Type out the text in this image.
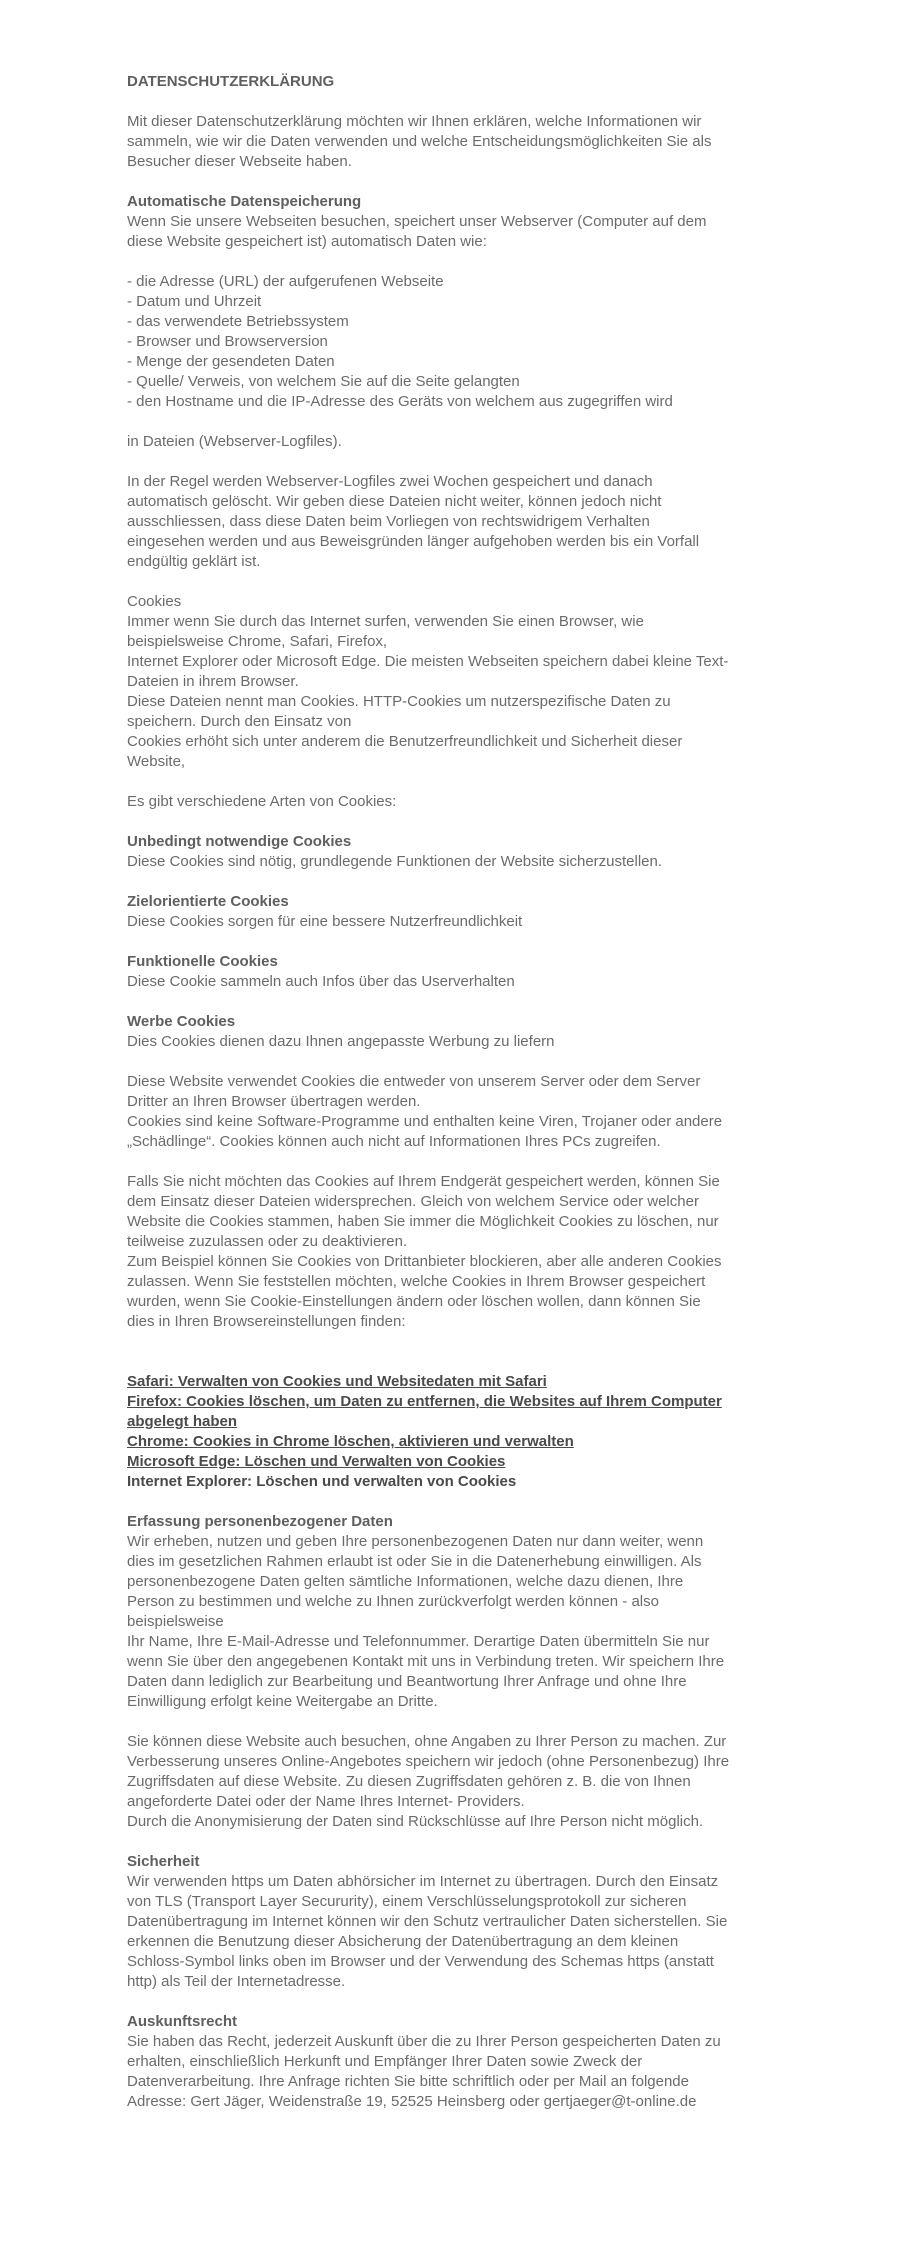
DATENSCHUTZERKLÄRUNG

Mit dieser Datenschutzerklärung möchten wir Ihnen erklären, welche Informationen wir
sammeln, wie wir die Daten verwenden und welche Entscheidungsmöglichkeiten Sie als
Besucher dieser Webseite haben.

Automatische Datenspeicherung
Wenn Sie unsere Webseiten besuchen, speichert unser Webserver (Computer auf dem
diese Website gespeichert ist) automatisch Daten wie:
- die Adresse (URL) der aufgerufenen Webseite
- Datum und Uhrzeit
- das verwendete Betriebssystem
- Browser und Browserversion
- Menge der gesendeten Daten
- Quelle/ Verweis, von welchem Sie auf die Seite gelangten
- den Hostname und die IP-Adresse des Geräts von welchem aus zugegriffen wird
in Dateien (Webserver-Logfiles).
In der Regel werden Webserver-Logfiles zwei Wochen gespeichert und danach
automatisch gelöscht. Wir geben diese Dateien nicht weiter, können jedoch nicht
ausschliessen, dass diese Daten beim Vorliegen von rechtswidrigem Verhalten
eingesehen werden und aus Beweisgründen länger aufgehoben werden bis ein Vorfall
endgültig geklärt ist.
Cookies
Immer wenn Sie durch das Internet surfen, verwenden Sie einen Browser, wie
beispielsweise Chrome, Safari, Firefox,
Internet Explorer oder Microsoft Edge. Die meisten Webseiten speichern dabei kleine Text-
Dateien in ihrem Browser.
Diese Dateien nennt man Cookies. HTTP-Cookies um nutzerspezifische Daten zu
speichern. Durch den Einsatz von
Cookies erhöht sich unter anderem die Benutzerfreundlichkeit und Sicherheit dieser
Website,
Es gibt verschiedene Arten von Cookies:
Unbedingt notwendige Cookies
Diese Cookies sind nötig, grundlegende Funktionen der Website sicherzustellen.
Zielorientierte Cookies
Diese Cookies sorgen für eine bessere Nutzerfreundlichkeit
Funktionelle Cookies
Diese Cookie sammeln auch Infos über das Userverhalten
Werbe Cookies
Dies Cookies dienen dazu Ihnen angepasste Werbung zu liefern
Diese Website verwendet Cookies die entweder von unserem Server oder dem Server
Dritter an Ihren Browser übertragen werden.
Cookies sind keine Software-Programme und enthalten keine Viren, Trojaner oder andere
„Schädlinge“. Cookies können auch nicht auf Informationen Ihres PCs zugreifen.
Falls Sie nicht möchten das Cookies auf Ihrem Endgerät gespeichert werden, können Sie
dem Einsatz dieser Dateien widersprechen. Gleich von welchem Service oder welcher
Website die Cookies stammen, haben Sie immer die Möglichkeit Cookies zu löschen, nur
teilweise zuzulassen oder zu deaktivieren.
Zum Beispiel können Sie Cookies von Drittanbieter blockieren, aber alle anderen Cookies
zulassen. Wenn Sie feststellen möchten, welche Cookies in Ihrem Browser gespeichert
wurden, wenn Sie Cookie-Einstellungen ändern oder löschen wollen, dann können Sie
dies in Ihren Browsereinstellungen finden:
Safari: Verwalten von Cookies und Websitedaten mit Safari
Firefox: Cookies löschen, um Daten zu entfernen, die Websites auf Ihrem Computer
abgelegt haben
Chrome: Cookies in Chrome löschen, aktivieren und verwalten
Microsoft Edge: Löschen und Verwalten von Cookies
Internet Explorer: Löschen und verwalten von Cookies
Erfassung personenbezogener Daten
Wir erheben, nutzen und geben Ihre personenbezogenen Daten nur dann weiter, wenn
dies im gesetzlichen Rahmen erlaubt ist oder Sie in die Datenerhebung einwilligen. Als
personenbezogene Daten gelten sämtliche Informationen, welche dazu dienen, Ihre
Person zu bestimmen und welche zu Ihnen zurückverfolgt werden können - also
beispielsweise
Ihr Name, Ihre E-Mail-Adresse und Telefonnummer. Derartige Daten übermitteln Sie nur
wenn Sie über den angegebenen Kontakt mit uns in Verbindung treten. Wir speichern Ihre
Daten dann lediglich zur Bearbeitung und Beantwortung Ihrer Anfrage und ohne Ihre
Einwilligung erfolgt keine Weitergabe an Dritte.
Sie können diese Website auch besuchen, ohne Angaben zu Ihrer Person zu machen. Zur
Verbesserung unseres Online-Angebotes speichern wir jedoch (ohne Personenbezug) Ihre
Zugriffsdaten auf diese Website. Zu diesen Zugriffsdaten gehören z. B. die von Ihnen
angeforderte Datei oder der Name Ihres Internet- Providers.
Durch die Anonymisierung der Daten sind Rückschlüsse auf Ihre Person nicht möglich.
Sicherheit
Wir verwenden https um Daten abhörsicher im Internet zu übertragen. Durch den Einsatz
von TLS (Transport Layer Secururity), einem Verschlüsselungsprotokoll zur sicheren
Datenübertragung im Internet können wir den Schutz vertraulicher Daten sicherstellen. Sie
erkennen die Benutzung dieser Absicherung der Datenübertragung an dem kleinen
Schloss-Symbol links oben im Browser und der Verwendung des Schemas https (anstatt
http) als Teil der Internetadresse.
Auskunftsrecht
Sie haben das Recht, jederzeit Auskunft über die zu Ihrer Person gespeicherten Daten zu
erhalten, einschließlich Herkunft und Empfänger Ihrer Daten sowie Zweck der
Datenverarbeitung. Ihre Anfrage richten Sie bitte schriftlich oder per Mail an folgende
Adresse: Gert Jäger, Weidenstraße 19, 52525 Heinsberg oder gertjaeger@t-online.de
